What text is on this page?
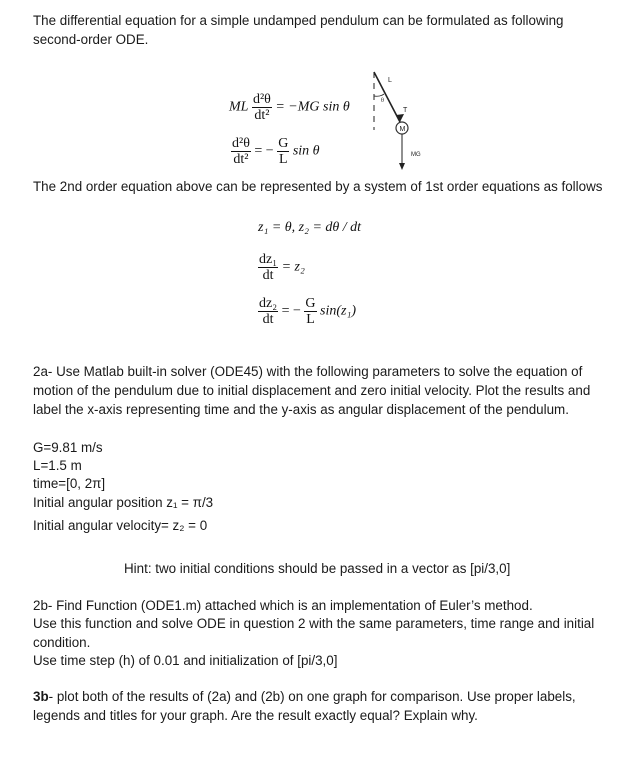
The differential equation for a simple undamped pendulum can be formulated as following
second-order ODE.
ML $\frac{\text{d²θ}}{\text{dt²}} = -MG$ sin θ
$\frac{\text{d²θ}}{\text{dt²}}$ = − $\frac{G}{L}$ sin θ
L
θ
T
M
MG
The 2nd order equation above can be represented by a system of 1st order equations as follows
z₁ = θ, z₂ = dθ / dt
$\frac{\text{dz₁}}{dt} = z_2$
$\frac{\text{dz₂}}{dt}$ = − $\frac{G}{L} \sin(z_1)$
2a- Use Matlab built-in solver (ODE45) with the following parameters to solve the equation of
motion of the pendulum due to initial displacement and zero initial velocity. Plot the results and
label the x-axis representing time and the y-axis as angular displacement of the pendulum.
G=9.81 m/s
L=1.5 m
time=[0, 2π]
Initial angular position z₁ = π/3
Initial angular velocity= z₂ = 0
Hint: two initial conditions should be passed in a vector as [pi/3,0]
2b- Find Function (ODE1.m) attached which is an implementation of Euler’s method.
Use this function and solve ODE in question 2 with the same parameters, time range and initial
condition.
Use time step (h) of 0.01 and initialization of [pi/3,0]
3b- plot both of the results of (2a) and (2b) on one graph for comparison. Use proper labels,
legends and titles for your graph. Are the result exactly equal? Explain why.
